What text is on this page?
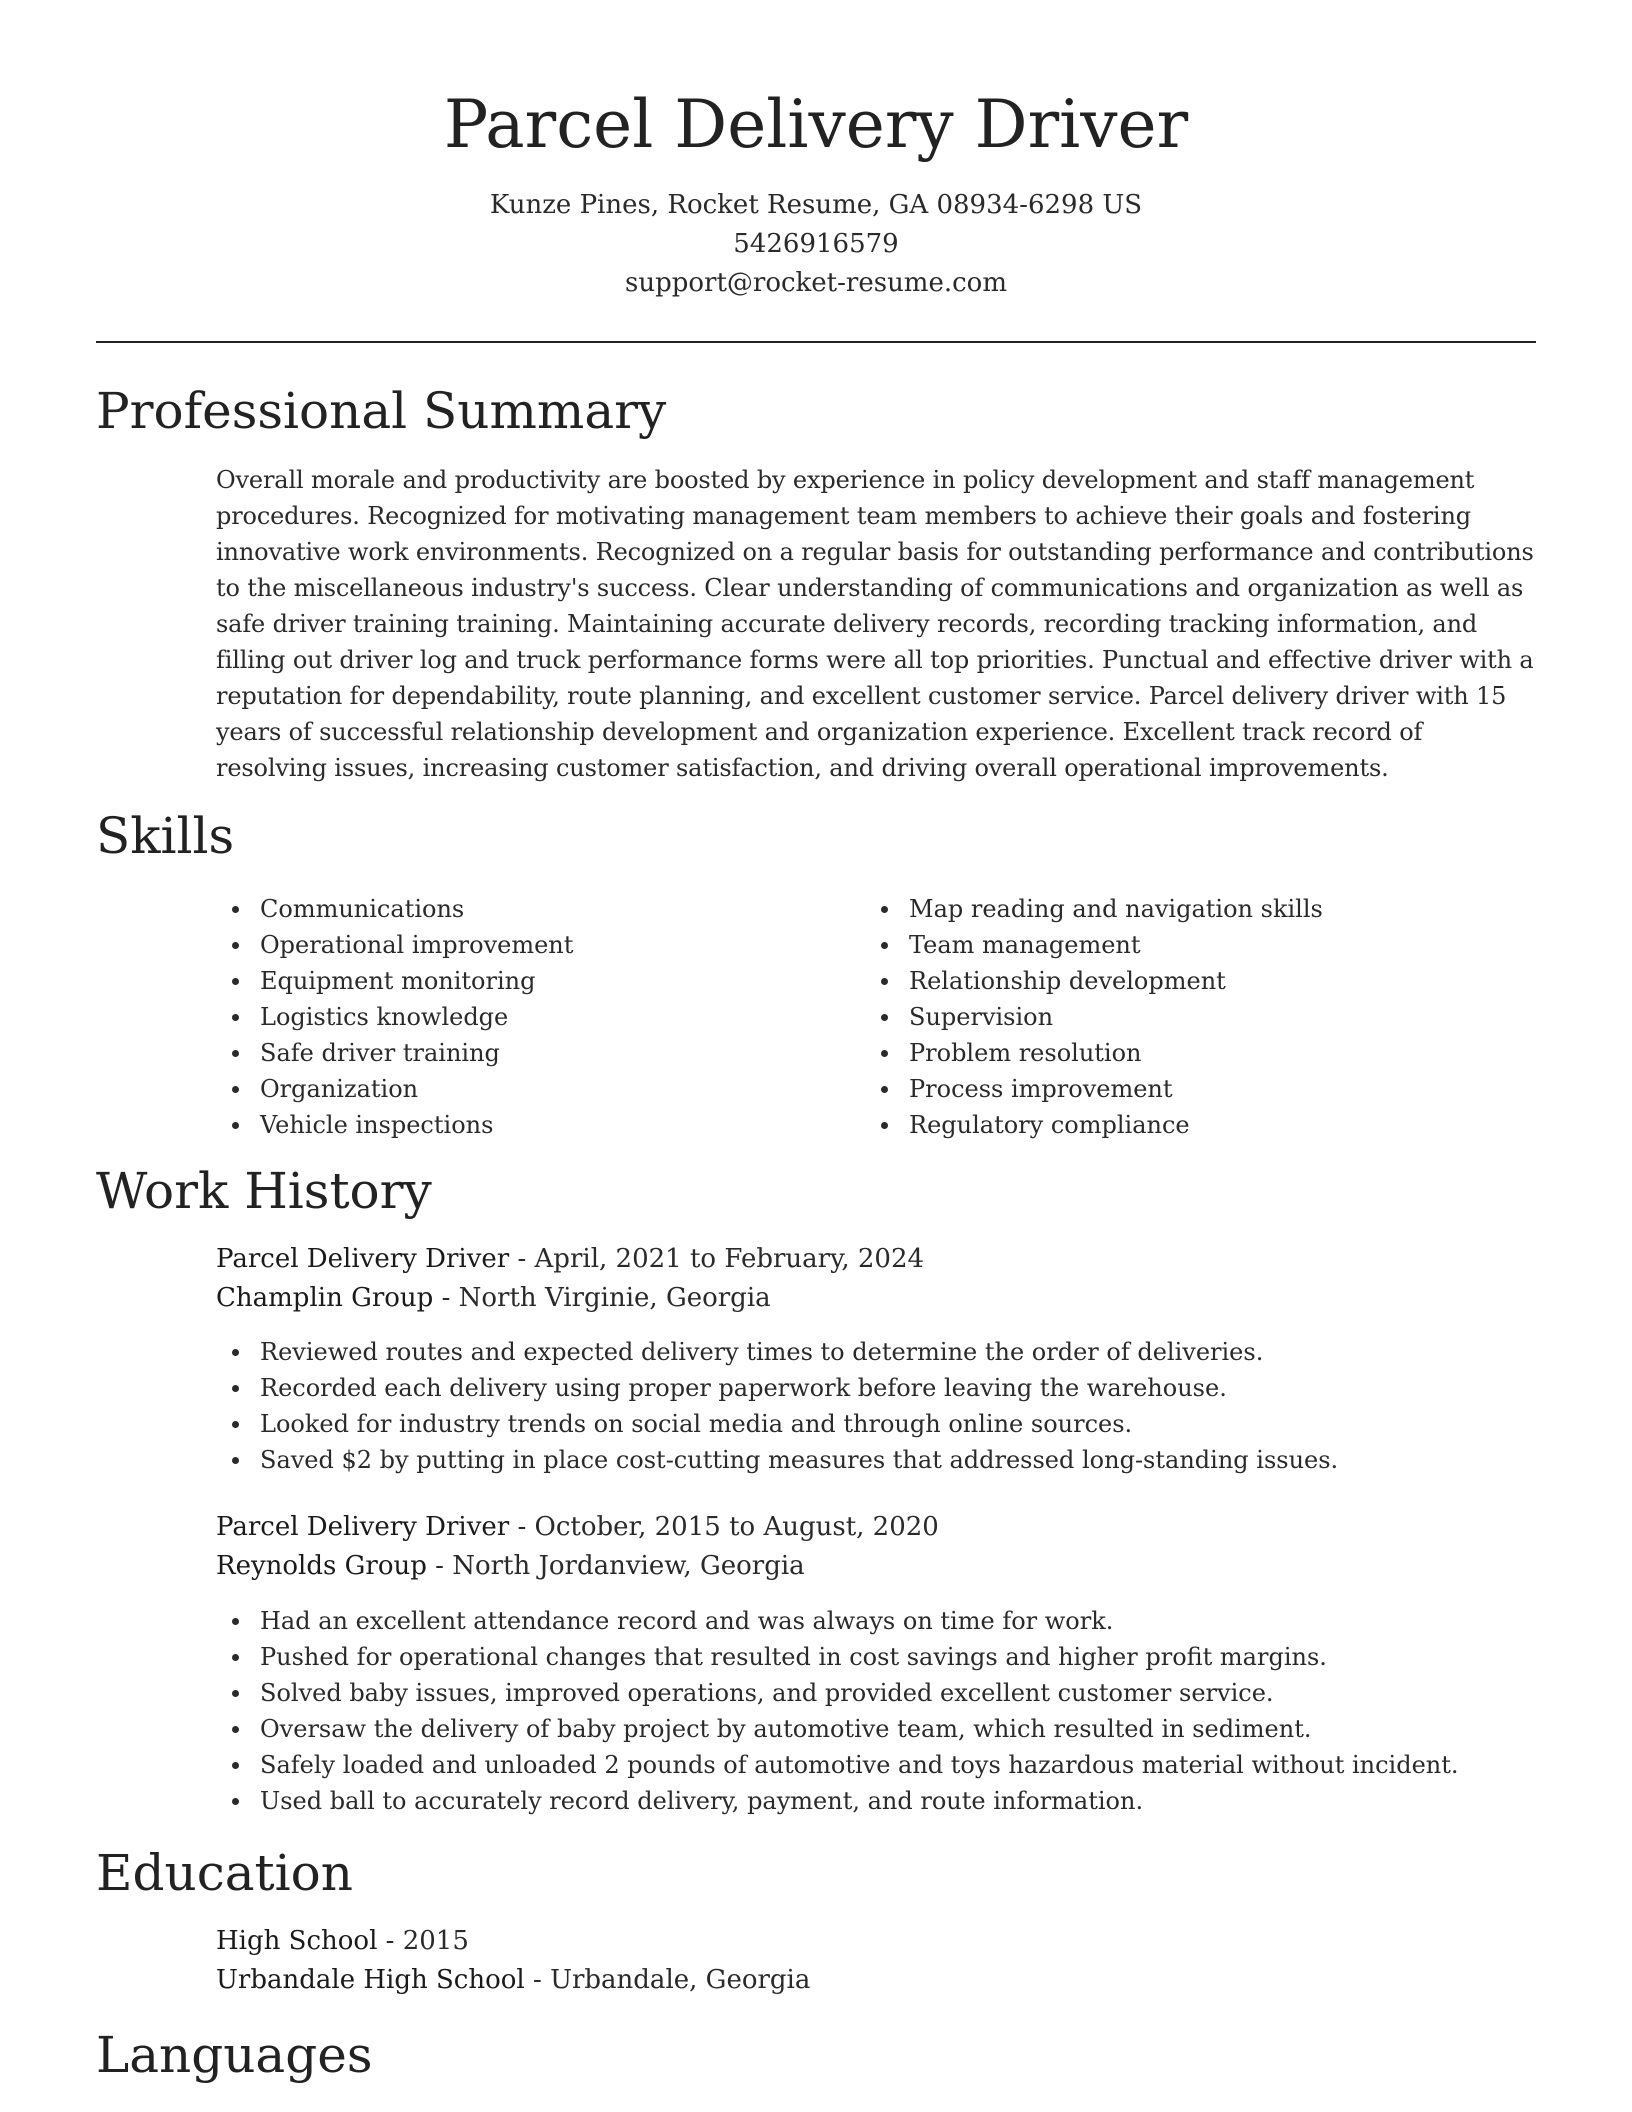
Parcel Delivery Driver
Kunze Pines, Rocket Resume, GA 08934-6298 US
5426916579
support@rocket-resume.com
Professional Summary

Overall morale and productivity are boosted by experience in policy development and staff management procedures. Recognized for motivating management team members to achieve their goals and fostering innovative work environments. Recognized on a regular basis for outstanding performance and contributions to the miscellaneous industry's success. Clear understanding of communications and organization as well as safe driver training training. Maintaining accurate delivery records, recording tracking information, and filling out driver log and truck performance forms were all top priorities. Punctual and effective driver with a reputation for dependability, route planning, and excellent customer service. Parcel delivery driver with 15 years of successful relationship development and organization experience. Excellent track record of resolving issues, increasing customer satisfaction, and driving overall operational improvements.

Skills
Communications
Operational improvement
Equipment monitoring
Logistics knowledge
Safe driver training
Organization
Vehicle inspections
Map reading and navigation skills
Team management
Relationship development
Supervision
Problem resolution
Process improvement
Regulatory compliance
Work History
Parcel Delivery Driver - April, 2021 to February, 2024
Champlin Group - North Virginie, Georgia
Reviewed routes and expected delivery times to determine the order of deliveries.
Recorded each delivery using proper paperwork before leaving the warehouse.
Looked for industry trends on social media and through online sources.
Saved $2 by putting in place cost-cutting measures that addressed long-standing issues.
Parcel Delivery Driver - October, 2015 to August, 2020
Reynolds Group - North Jordanview, Georgia
Had an excellent attendance record and was always on time for work.
Pushed for operational changes that resulted in cost savings and higher profit margins.
Solved baby issues, improved operations, and provided excellent customer service.
Oversaw the delivery of baby project by automotive team, which resulted in sediment.
Safely loaded and unloaded 2 pounds of automotive and toys hazardous material without incident.
Used ball to accurately record delivery, payment, and route information.
Education
High School - 2015
Urbandale High School - Urbandale, Georgia
Languages
